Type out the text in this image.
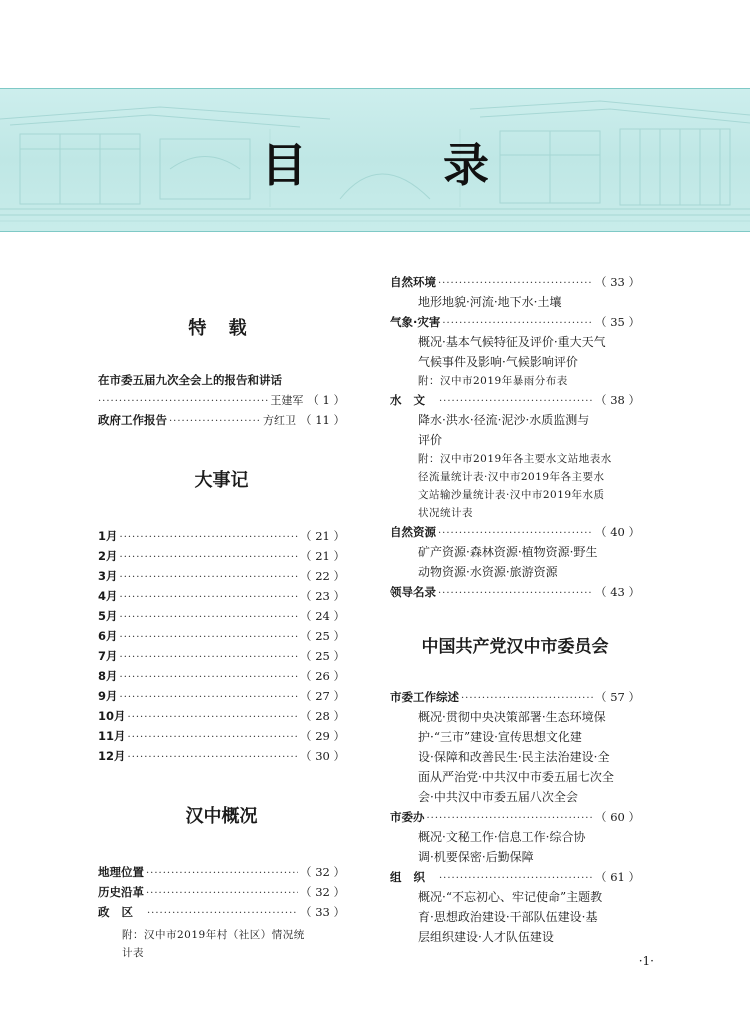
目 录
特 载
在市委五届九次全会上的报告和讲话
·····
王建军 （ 1 ）
政府工作报告 ·····	方红卫 （ 11 ）
大事记
1月 ·····	（ 21 ）
2月 ·····	（ 21 ）
3月 ·····	（ 22 ）
4月 ·····	（ 23 ）
5月 ·····	（ 24 ）
6月 ·····	（ 25 ）
7月 ·····	（ 25 ）
8月 ·····	（ 26 ）
9月 ·····	（ 27 ）
10月 ·····	（ 28 ）
11月 ·····	（ 29 ）
12月 ·····	（ 30 ）
汉中概况
地理位置 ·····	（ 32 ）
历史沿革 ·····	（ 32 ）
政区 ·····	（ 33 ）
附：汉中市2019年村（社区）情况统
计表
自然环境 ·····	（ 33 ）
地形地貌·河流·地下水·土壤
气象·灾害 ·····	（ 35 ）
概况·基本气候特征及评价·重大天气
气候事件及影响·气候影响评价
附：汉中市2019年暴雨分布表
水文 ·····	（ 38 ）
降水·洪水·径流·泥沙·水质监测与
评价
附：汉中市2019年各主要水文站地表水
径流量统计表·汉中市2019年各主要水
文站输沙量统计表·汉中市2019年水质
状况统计表
自然资源 ·····	（ 40 ）
矿产资源·森林资源·植物资源·野生
动物资源·水资源·旅游资源
领导名录 ·····	（ 43 ）
中国共产党汉中市委员会
市委工作综述 ·····	（ 57 ）
概况·贯彻中央决策部署·生态环境保
护·“三市”建设·宣传思想文化建
设·保障和改善民生·民主法治建设·全
面从严治党·中共汉中市委五届七次全
会·中共汉中市委五届八次全会
市委办 ·····	（ 60 ）
概况·文秘工作·信息工作·综合协
调·机要保密·后勤保障
组织 ·····	（ 61 ）
概况·“不忘初心、牢记使命”主题教
育·思想政治建设·干部队伍建设·基
层组织建设·人才队伍建设
·1·
